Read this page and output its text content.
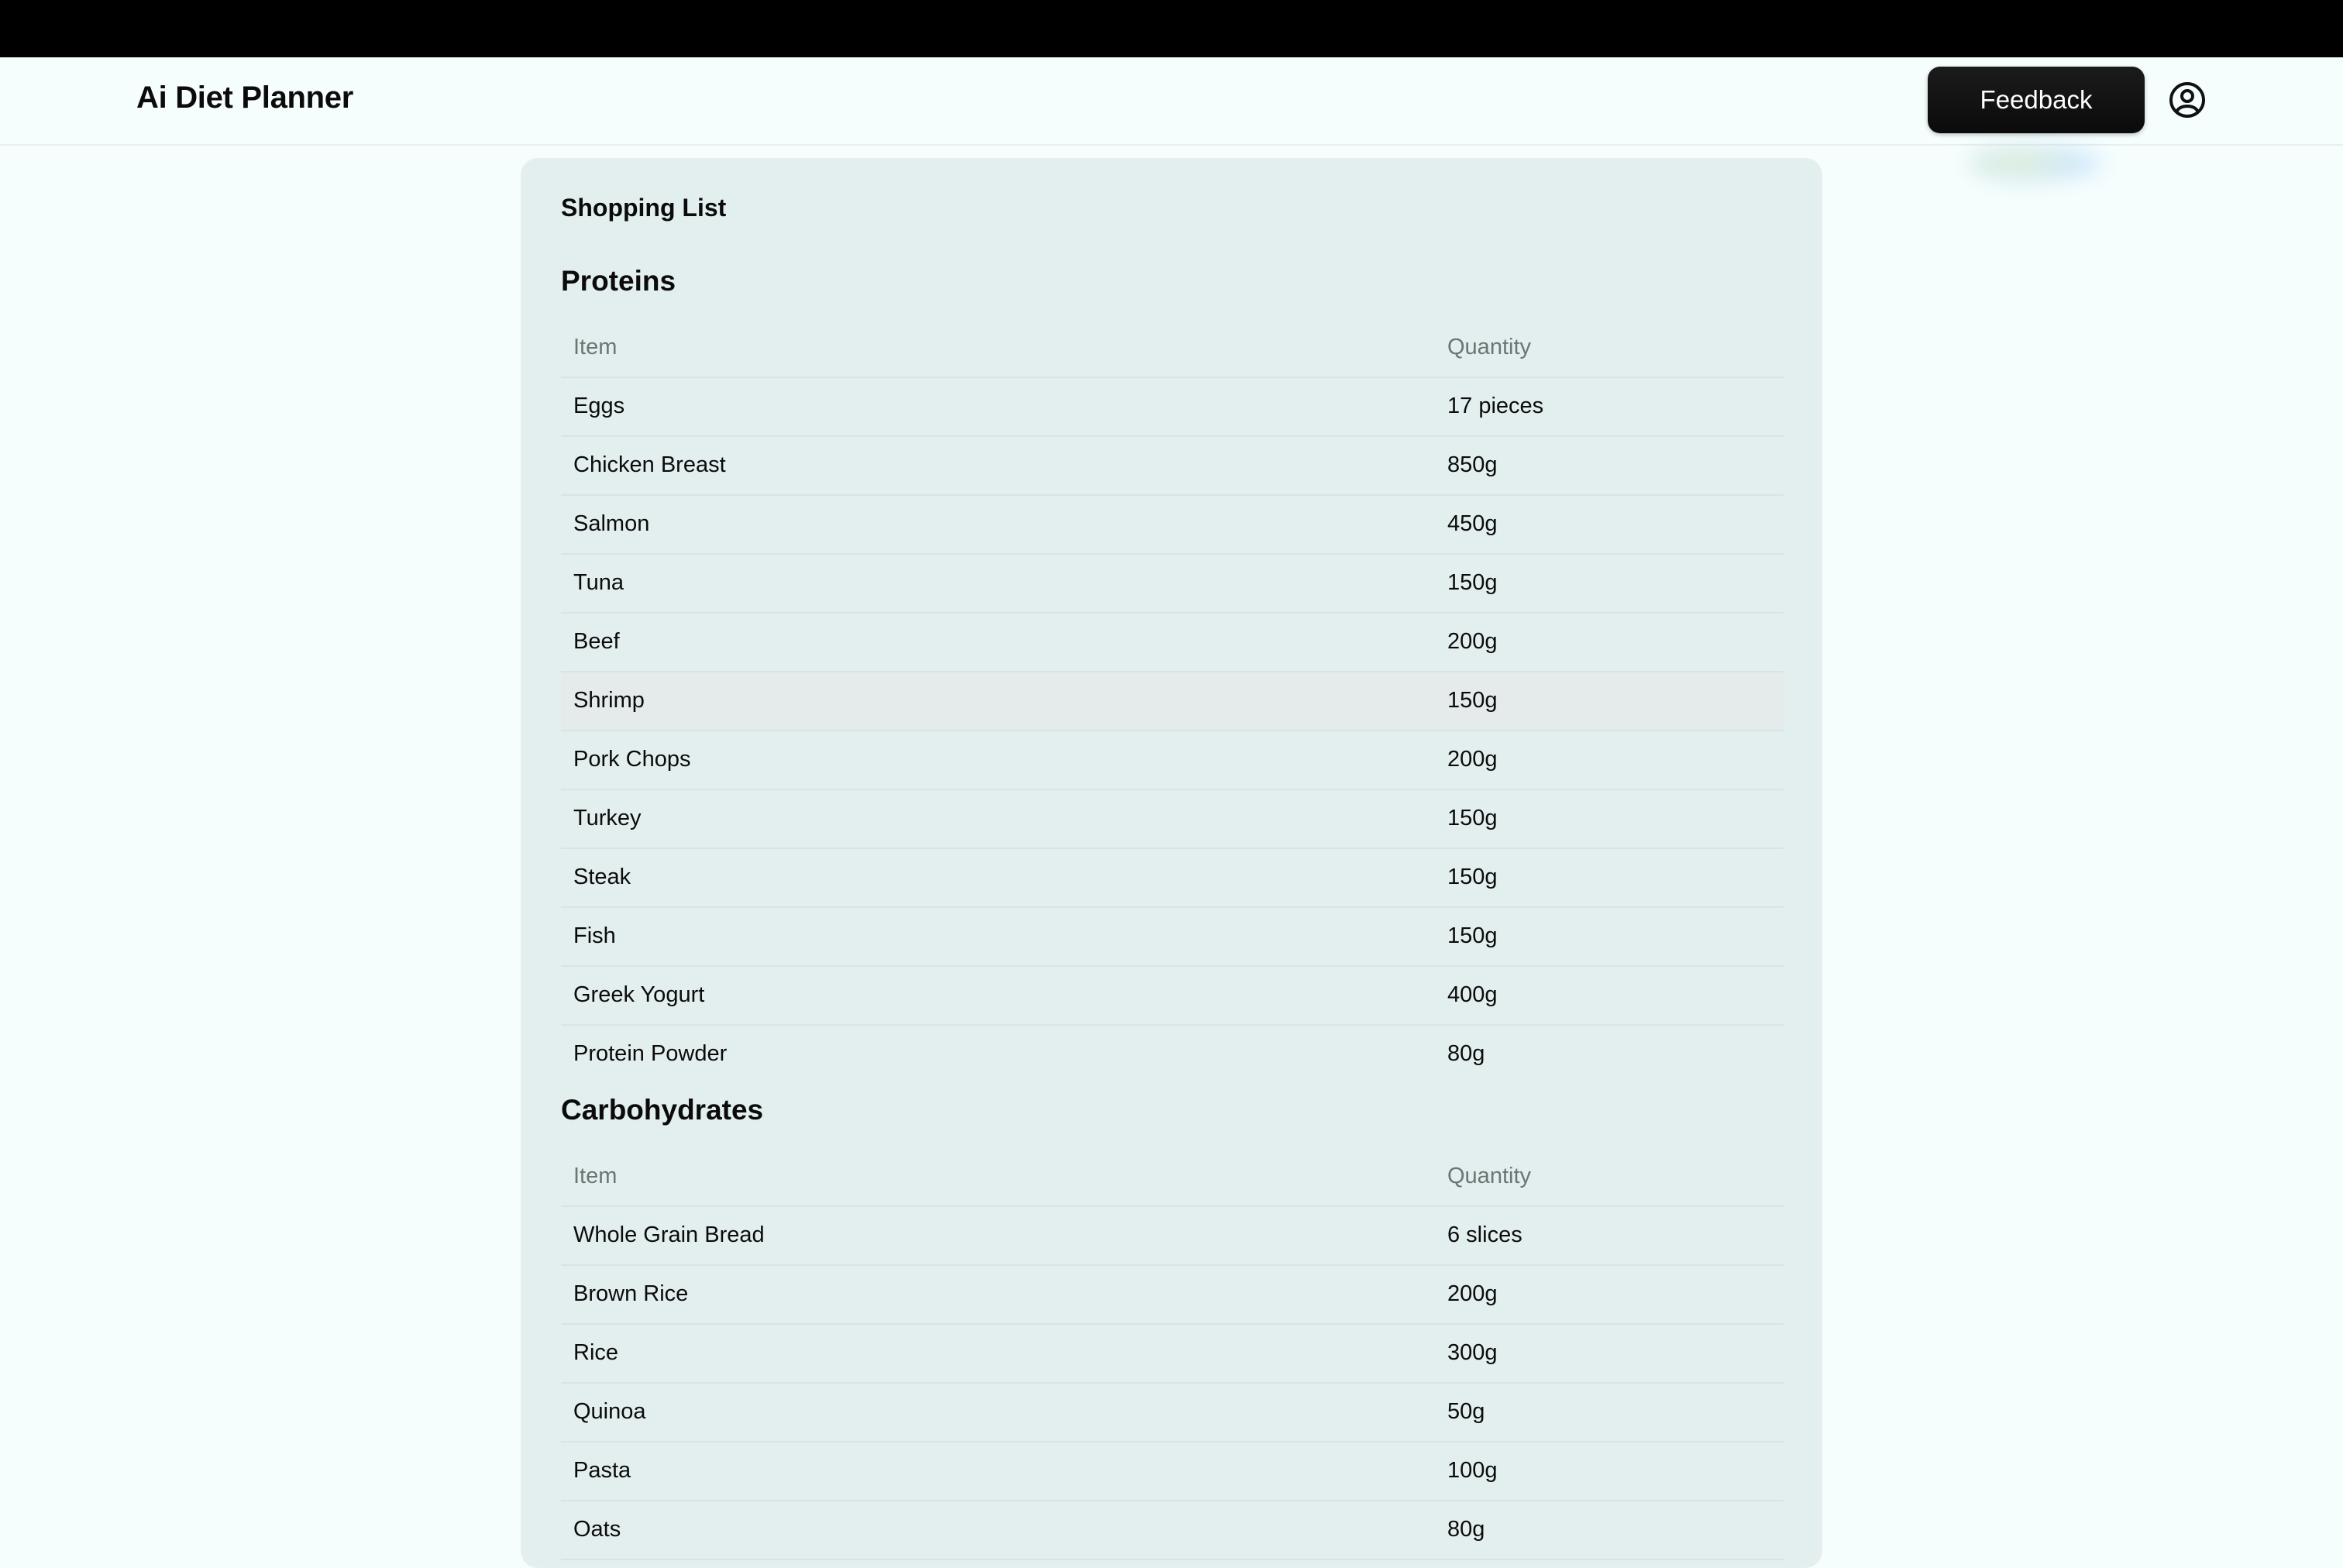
Ai Diet Planner	Feedback
Shopping List
Proteins
Item	Quantity
Eggs	17 pieces
Chicken Breast	850g
Salmon	450g
Tuna	150g
Beef	200g
Shrimp	150g
Pork Chops	200g
Turkey	150g
Steak	150g
Fish	150g
Greek Yogurt	400g
Protein Powder	80g
Carbohydrates
Item	Quantity
Whole Grain Bread	6 slices
Brown Rice	200g
Rice	300g
Quinoa	50g
Pasta	100g
Oats	80g
